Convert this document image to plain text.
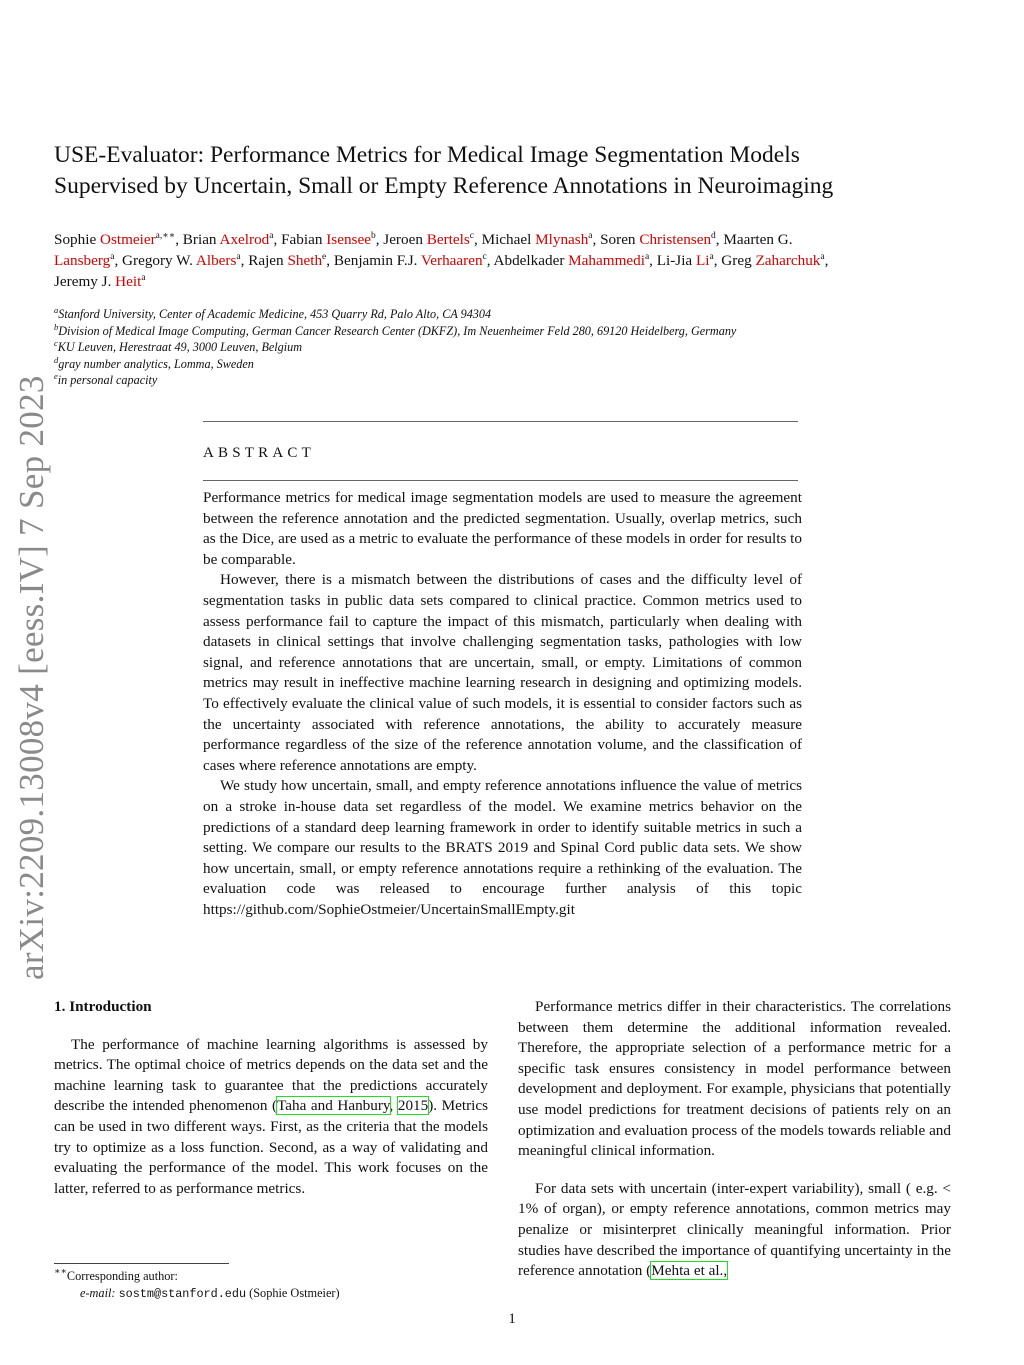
arXiv:2209.13008v4 [eess.IV] 7 Sep 2023
USE-Evaluator: Performance Metrics for Medical Image Segmentation Models
Supervised by Uncertain, Small or Empty Reference Annotations in Neuroimaging
Sophie Ostmeier$^{a,∗∗}$, Brian Axelrod$^a$, Fabian Isensee$^b$, Jeroen Bertels$^c$, Michael Mlynash$^a$, Soren Christensen$^d$, Maarten G.
Lansberg$^a$, Gregory W. Albers$^a$, Rajen Sheth$^e$, Benjamin F.J. Verhaaren$^c$, Abdelkader Mahammedi$^a$, Li-Jia Li$^a$, Greg Zaharchuk$^a$,
Jeremy J. Heit$^a$
$^a$Stanford University, Center of Academic Medicine, 453 Quarry Rd, Palo Alto, CA 94304
$^b$Division of Medical Image Computing, German Cancer Research Center (DKFZ), Im Neuenheimer Feld 280, 69120 Heidelberg, Germany
$^c$KU Leuven, Herestraat 49, 3000 Leuven, Belgium
$^d$gray number analytics, Lomma, Sweden
$^e$in personal capacity
ABSTRACT

Performance metrics for medical image segmentation models are used to measure the agreement between the reference annotation and the predicted segmentation. Usually, overlap metrics, such as the Dice, are used as a metric to evaluate the performance of these models in order for results to be comparable.

However, there is a mismatch between the distributions of cases and the difficulty level of segmentation tasks in public data sets compared to clinical practice. Common metrics used to assess performance fail to capture the impact of this mismatch, particularly when dealing with datasets in clinical settings that involve challenging segmentation tasks, pathologies with low signal, and reference annotations that are uncertain, small, or empty. Limitations of common metrics may result in ineffective machine learning research in designing and optimizing models. To effectively evaluate the clinical value of such models, it is essential to consider factors such as the uncertainty associated with reference annotations, the ability to accurately measure performance regardless of the size of the reference annotation volume, and the classification of cases where reference annotations are empty.

We study how uncertain, small, and empty reference annotations influence the value of metrics on a stroke in-house data set regardless of the model. We examine metrics behavior on the predictions of a standard deep learning framework in order to identify suitable metrics in such a setting. We compare our results to the BRATS 2019 and Spinal Cord public data sets. We show how uncertain, small, or empty reference annotations require a rethinking of the evaluation. The evaluation code was released to encourage further analysis of this topic https://github.com/SophieOstmeier/UncertainSmallEmpty.git

1. Introduction

The performance of machine learning algorithms is assessed by metrics. The optimal choice of metrics depends on the data set and the machine learning task to guarantee that the predictions accurately describe the intended phenomenon (Taha and Hanbury, 2015). Metrics can be used in two different ways. First, as the criteria that the models try to optimize as a loss function. Second, as a way of validating and evaluating the performance of the model. This work focuses on the latter, referred to as performance metrics.

Performance metrics differ in their characteristics. The correlations between them determine the additional information revealed. Therefore, the appropriate selection of a performance metric for a specific task ensures consistency in model performance between development and deployment. For example, physicians that potentially use model predictions for treatment decisions of patients rely on an optimization and evaluation process of the models towards reliable and meaningful clinical information.

For data sets with uncertain (inter-expert variability), small ( e.g. < 1% of organ), or empty reference annotations, common metrics may penalize or misinterpret clinically meaningful information. Prior studies have described the importance of quantifying uncertainty in the reference annotation (Mehta et al.,

∗∗Corresponding author:
e-mail: sostm@stanford.edu (Sophie Ostmeier)
1
